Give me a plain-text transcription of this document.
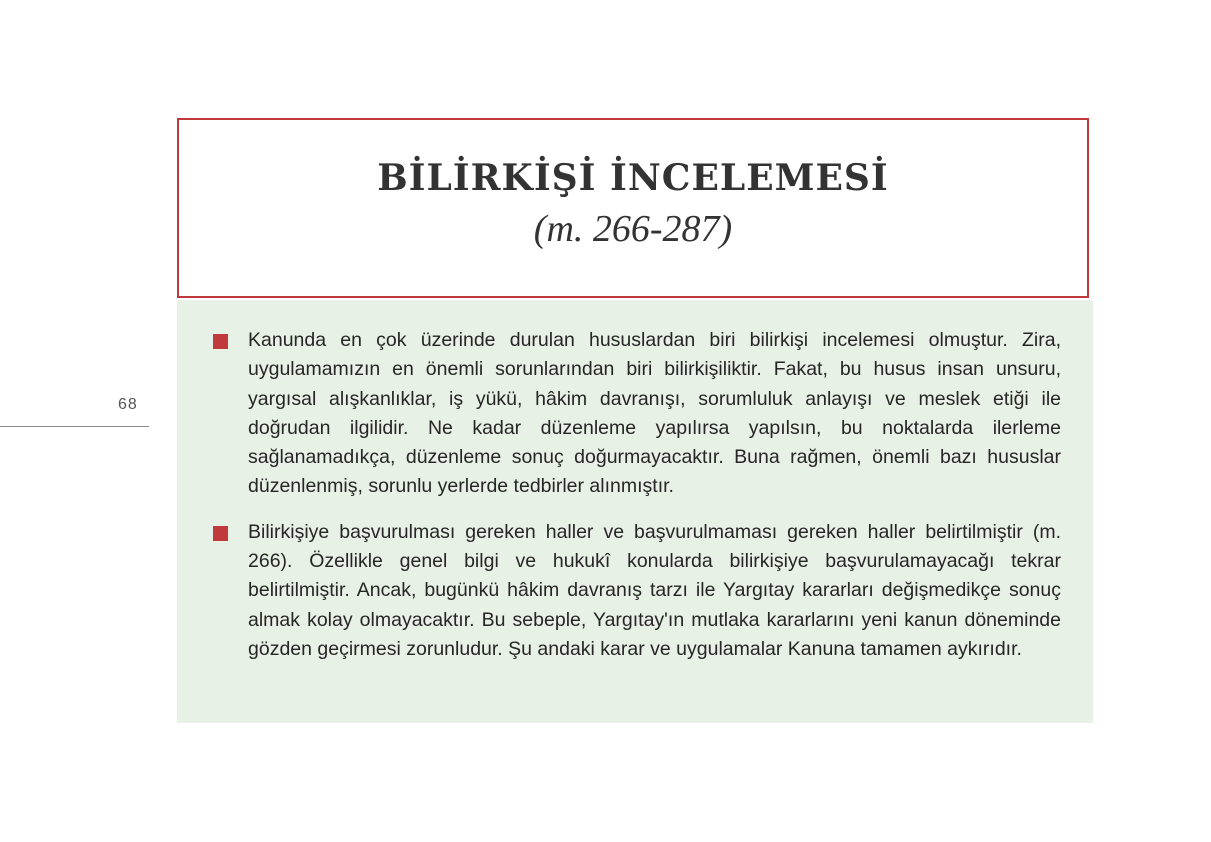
68
BİLİRKİŞİ İNCELEMESİ
(m. 266-287)

Kanunda en çok üzerinde durulan hususlardan biri bilirkişi incelemesi olmuştur. Zira, uygulamamızın en önemli sorunlarından biri bilirkişiliktir. Fakat, bu husus insan unsuru, yargısal alışkanlıklar, iş yükü, hâkim davranışı, sorumluluk anlayışı ve meslek etiği ile doğrudan ilgilidir. Ne kadar düzenleme yapılırsa yapılsın, bu noktalarda ilerleme sağlanamadıkça, düzenleme sonuç doğurmayacaktır. Buna rağmen, önemli bazı hususlar düzenlenmiş, sorunlu yerlerde tedbirler alınmıştır.

Bilirkişiye başvurulması gereken haller ve başvurulmaması gereken haller belirtilmiştir (m. 266). Özellikle genel bilgi ve hukukî konularda bilirkişiye başvurulamayacağı tekrar belirtilmiştir. Ancak, bugünkü hâkim davranış tarzı ile Yargıtay kararları değişmedikçe sonuç almak kolay olmayacaktır. Bu sebeple, Yargıtay'ın mutlaka kararlarını yeni kanun döneminde gözden geçirmesi zorunludur. Şu andaki karar ve uygulamalar Kanuna tamamen aykırıdır.
